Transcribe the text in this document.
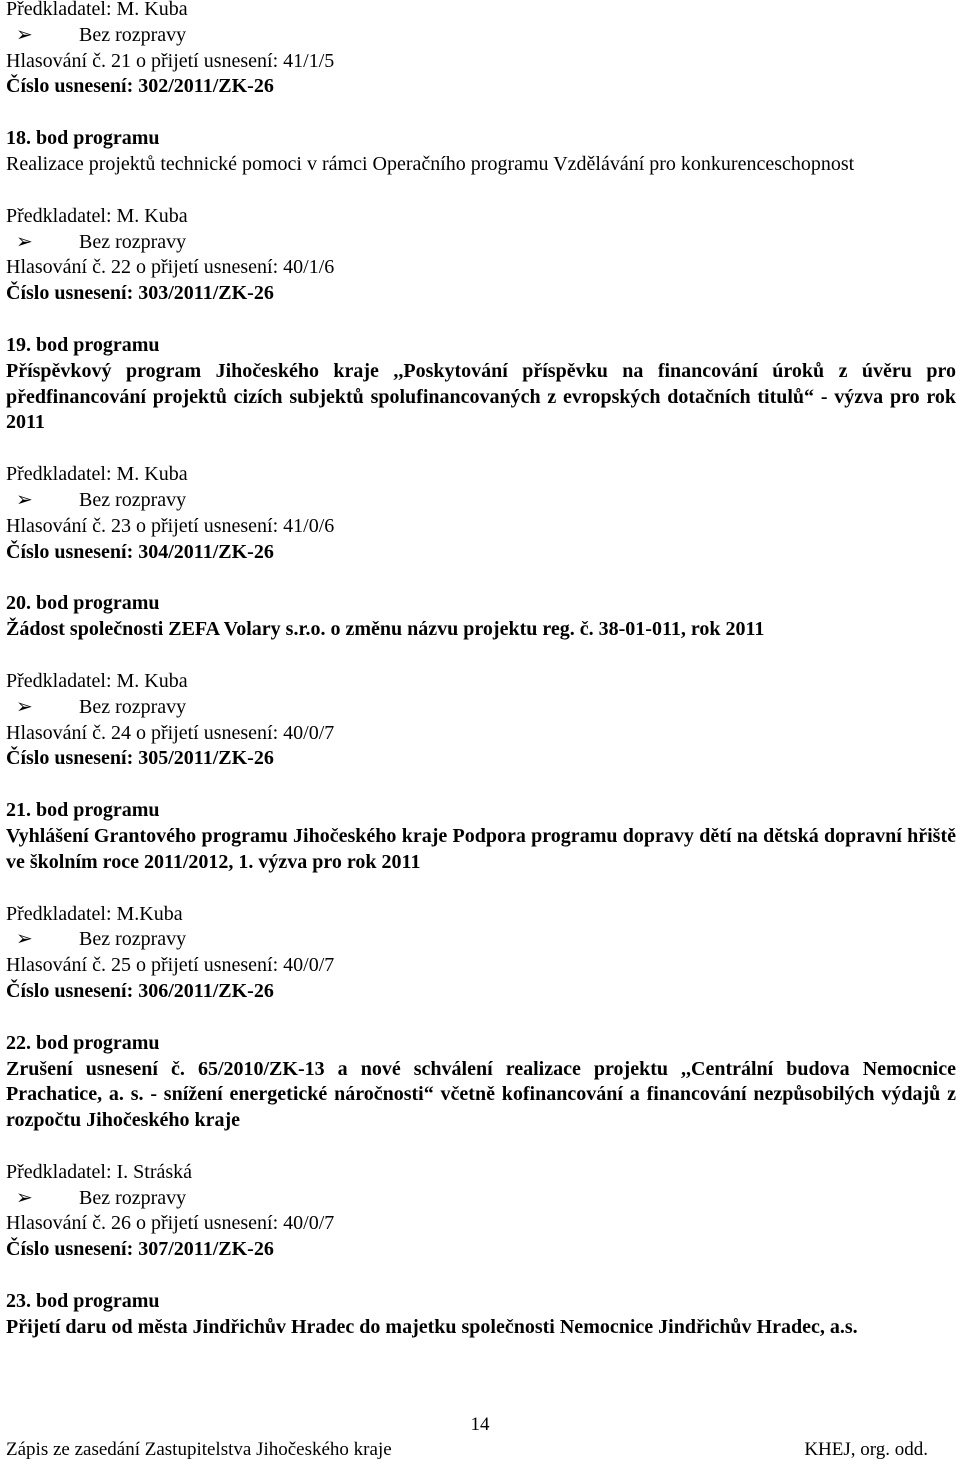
Předkladatel: M. Kuba
➢ Bez rozpravy
Hlasování č. 21 o přijetí usnesení: 41/1/5
Číslo usnesení: 302/2011/ZK-26
18. bod programu
Realizace projektů technické pomoci v rámci Operačního programu Vzdělávání pro konkurenceschopnost
Předkladatel: M. Kuba
➢ Bez rozpravy
Hlasování č. 22 o přijetí usnesení: 40/1/6
Číslo usnesení: 303/2011/ZK-26
19. bod programu
Příspěvkový program Jihočeského kraje ,,Poskytování příspěvku na financování úroků z úvěru pro předfinancování projektů cizích subjektů spolufinancovaných z evropských dotačních titulů“ - výzva pro rok 2011
Předkladatel: M. Kuba
➢ Bez rozpravy
Hlasování č. 23 o přijetí usnesení: 41/0/6
Číslo usnesení: 304/2011/ZK-26
20. bod programu
Žádost společnosti ZEFA Volary s.r.o. o změnu názvu projektu reg. č. 38-01-011, rok 2011
Předkladatel: M. Kuba
➢ Bez rozpravy
Hlasování č. 24 o přijetí usnesení: 40/0/7
Číslo usnesení: 305/2011/ZK-26
21. bod programu
Vyhlášení Grantového programu Jihočeského kraje Podpora programu dopravy dětí na dětská dopravní hřiště ve školním roce 2011/2012, 1. výzva pro rok 2011
Předkladatel: M.Kuba
➢ Bez rozpravy
Hlasování č. 25 o přijetí usnesení: 40/0/7
Číslo usnesení: 306/2011/ZK-26
22. bod programu
Zrušení usnesení č. 65/2010/ZK-13 a nové schválení realizace projektu ,,Centrální budova Nemocnice Prachatice, a. s. - snížení energetické náročnosti“ včetně kofinancování a financování nezpůsobilých výdajů z rozpočtu Jihočeského kraje
Předkladatel: I. Stráská
➢ Bez rozpravy
Hlasování č. 26 o přijetí usnesení: 40/0/7
Číslo usnesení: 307/2011/ZK-26
23. bod programu
Přijetí daru od města Jindřichův Hradec do majetku společnosti Nemocnice Jindřichův Hradec, a.s.
14
Zápis ze zasedání Zastupitelstva Jihočeského kraje	KHEJ, org. odd.
